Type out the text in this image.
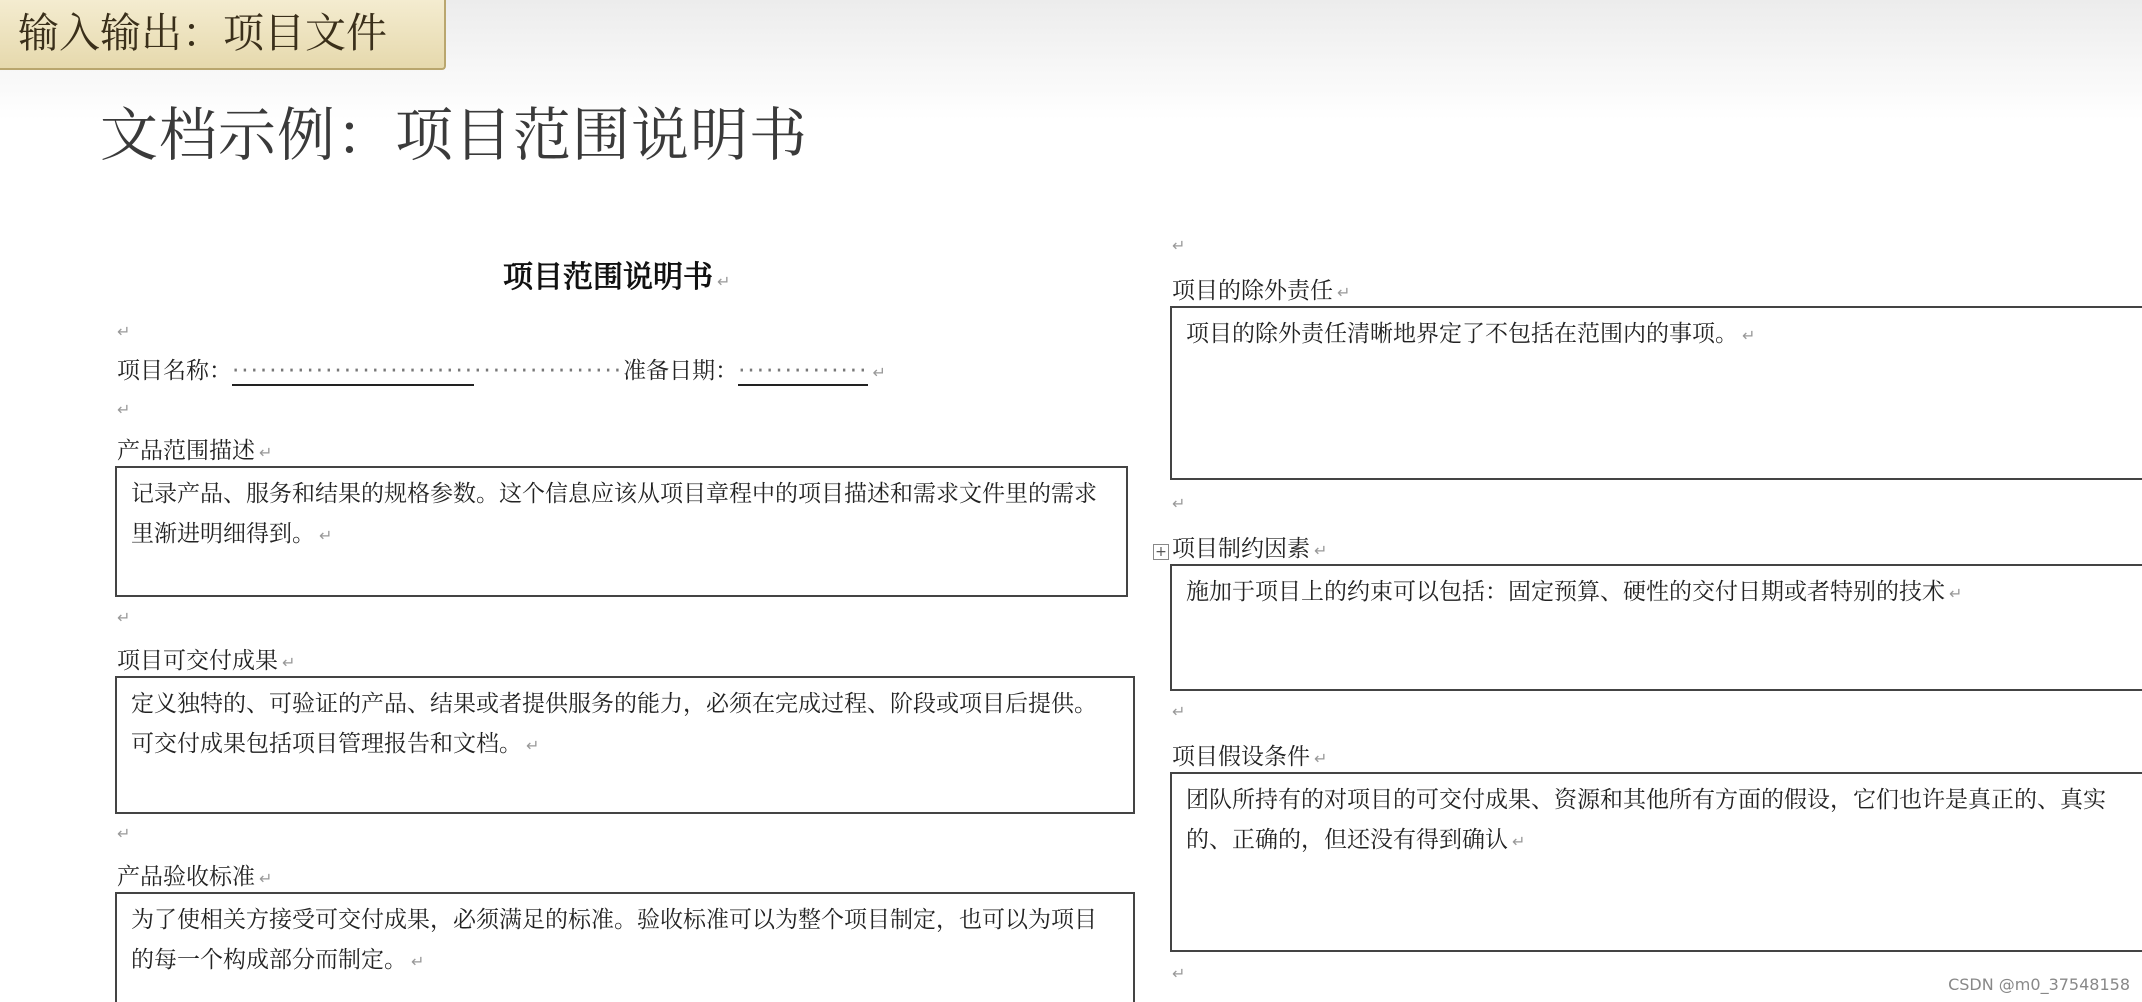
输入输出：项目文件
文档示例：项目范围说明书
项目范围说明书 ↵
↵
项目名称：··········································准备日期：·············· ↵
↵
产品范围描述 ↵
记录产品、服务和结果的规格参数。这个信息应该从项目章程中的项目描述和需求文件里的需求里渐进明细得到。 ↵
↵
项目可交付成果 ↵
定义独特的、可验证的产品、结果或者提供服务的能力，必须在完成过程、阶段或项目后提供。可交付成果包括项目管理报告和文档。 ↵
↵
产品验收标准 ↵
为了使相关方接受可交付成果，必须满足的标准。验收标准可以为整个项目制定，也可以为项目的每一个构成部分而制定。 ↵
+
↵
项目的除外责任 ↵
项目的除外责任清晰地界定了不包括在范围内的事项。 ↵
↵
项目制约因素 ↵
施加于项目上的约束可以包括：固定预算、硬性的交付日期或者特别的技术 ↵
↵
项目假设条件 ↵
团队所持有的对项目的可交付成果、资源和其他所有方面的假设，它们也许是真正的、真实的、正确的，但还没有得到确认 ↵
↵
CSDN @m0_37548158
